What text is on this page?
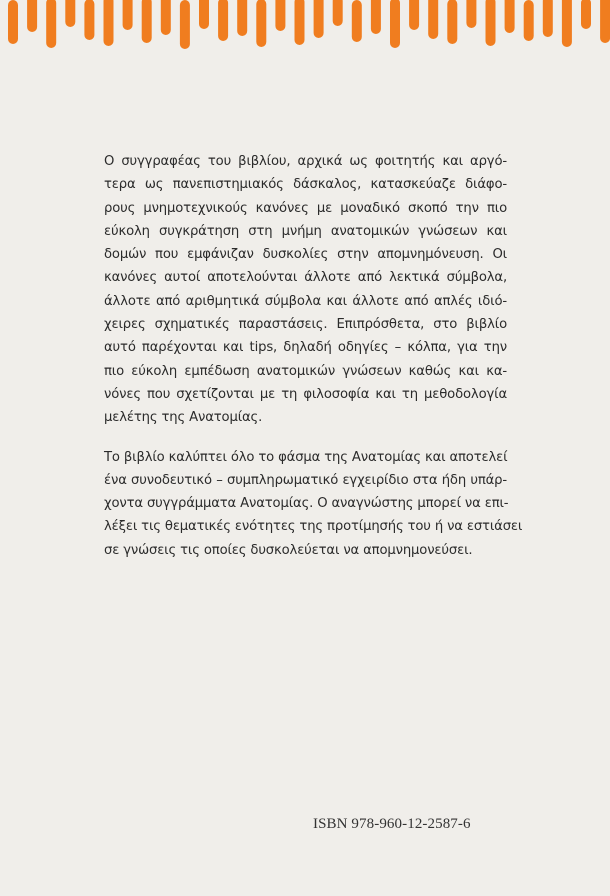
Ο συγγραφέας του βιβλίου, αρχικά ως φοιτητής και αργό-
τερα ως πανεπιστημιακός δάσκαλος, κατασκεύαζε διάφο-
ρους μνημοτεχνικούς κανόνες με μοναδικό σκοπό την πιο
εύκολη συγκράτηση στη μνήμη ανατομικών γνώσεων και
δομών που εμφάνιζαν δυσκολίες στην απομνημόνευση. Οι
κανόνες αυτοί αποτελούνται άλλοτε από λεκτικά σύμβολα,
άλλοτε από αριθμητικά σύμβολα και άλλοτε από απλές ιδιό-
χειρες σχηματικές παραστάσεις. Επιπρόσθετα, στο βιβλίο
αυτό παρέχονται και tips, δηλαδή οδηγίες – κόλπα, για την
πιο εύκολη εμπέδωση ανατομικών γνώσεων καθώς και κα-
νόνες που σχετίζονται με τη φιλοσοφία και τη μεθοδολογία
μελέτης της Ανατομίας.

Το βιβλίο καλύπτει όλο το φάσμα της Ανατομίας και αποτελεί
ένα συνοδευτικό – συμπληρωματικό εγχειρίδιο στα ήδη υπάρ-
χοντα συγγράμματα Ανατομίας. Ο αναγνώστης μπορεί να επι-
λέξει τις θεματικές ενότητες της προτίμησής του ή να εστιάσει
σε γνώσεις τις οποίες δυσκολεύεται να απομνημονεύσει.

ISBN 978-960-12-2587-6
